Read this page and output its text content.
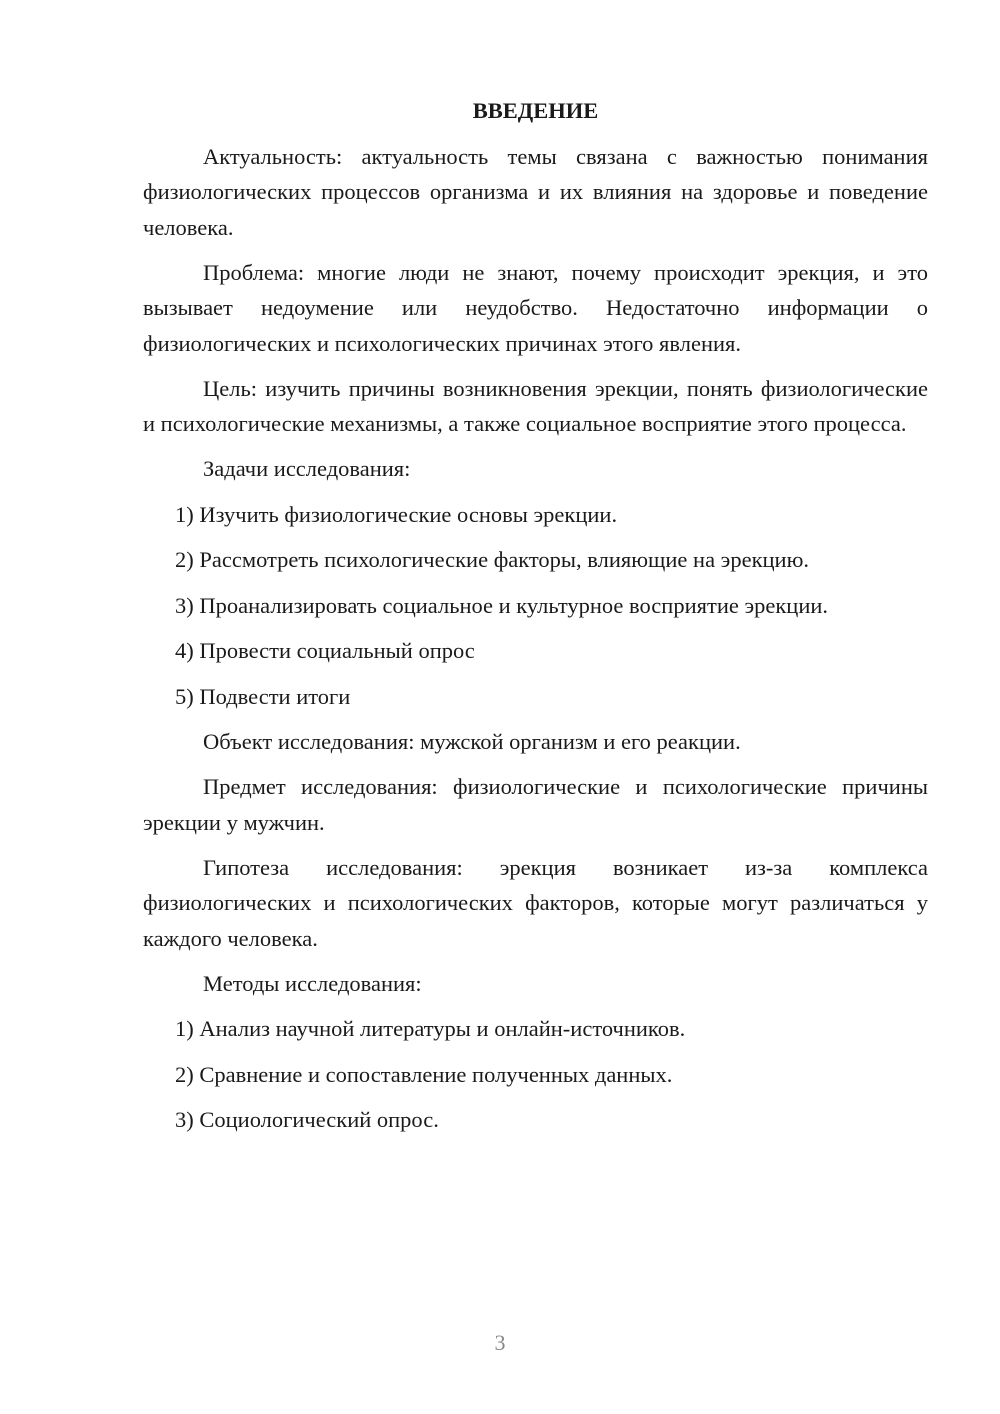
ВВЕДЕНИЕ

Актуальность: актуальность темы связана с важностью понимания физиологических процессов организма и их влияния на здоровье и поведение человека.

Проблема: многие люди не знают, почему происходит эрекция, и это вызывает недоумение или неудобство. Недостаточно информации о физиологических и психологических причинах этого явления.

Цель: изучить причины возникновения эрекции, понять физиологические и психологические механизмы, а также социальное восприятие этого процесса.

Задачи исследования:

1) Изучить физиологические основы эрекции.

2) Рассмотреть психологические факторы, влияющие на эрекцию.

3) Проанализировать социальное и культурное восприятие эрекции.

4) Провести социальный опрос

5) Подвести итоги

Объект исследования: мужской организм и его реакции.

Предмет исследования: физиологические и психологические причины эрекции у мужчин.

Гипотеза исследования: эрекция возникает из-за комплекса физиологических и психологических факторов, которые могут различаться у каждого человека.

Методы исследования:

1) Анализ научной литературы и онлайн-источников.

2) Сравнение и сопоставление полученных данных.

3) Социологический опрос.

3
